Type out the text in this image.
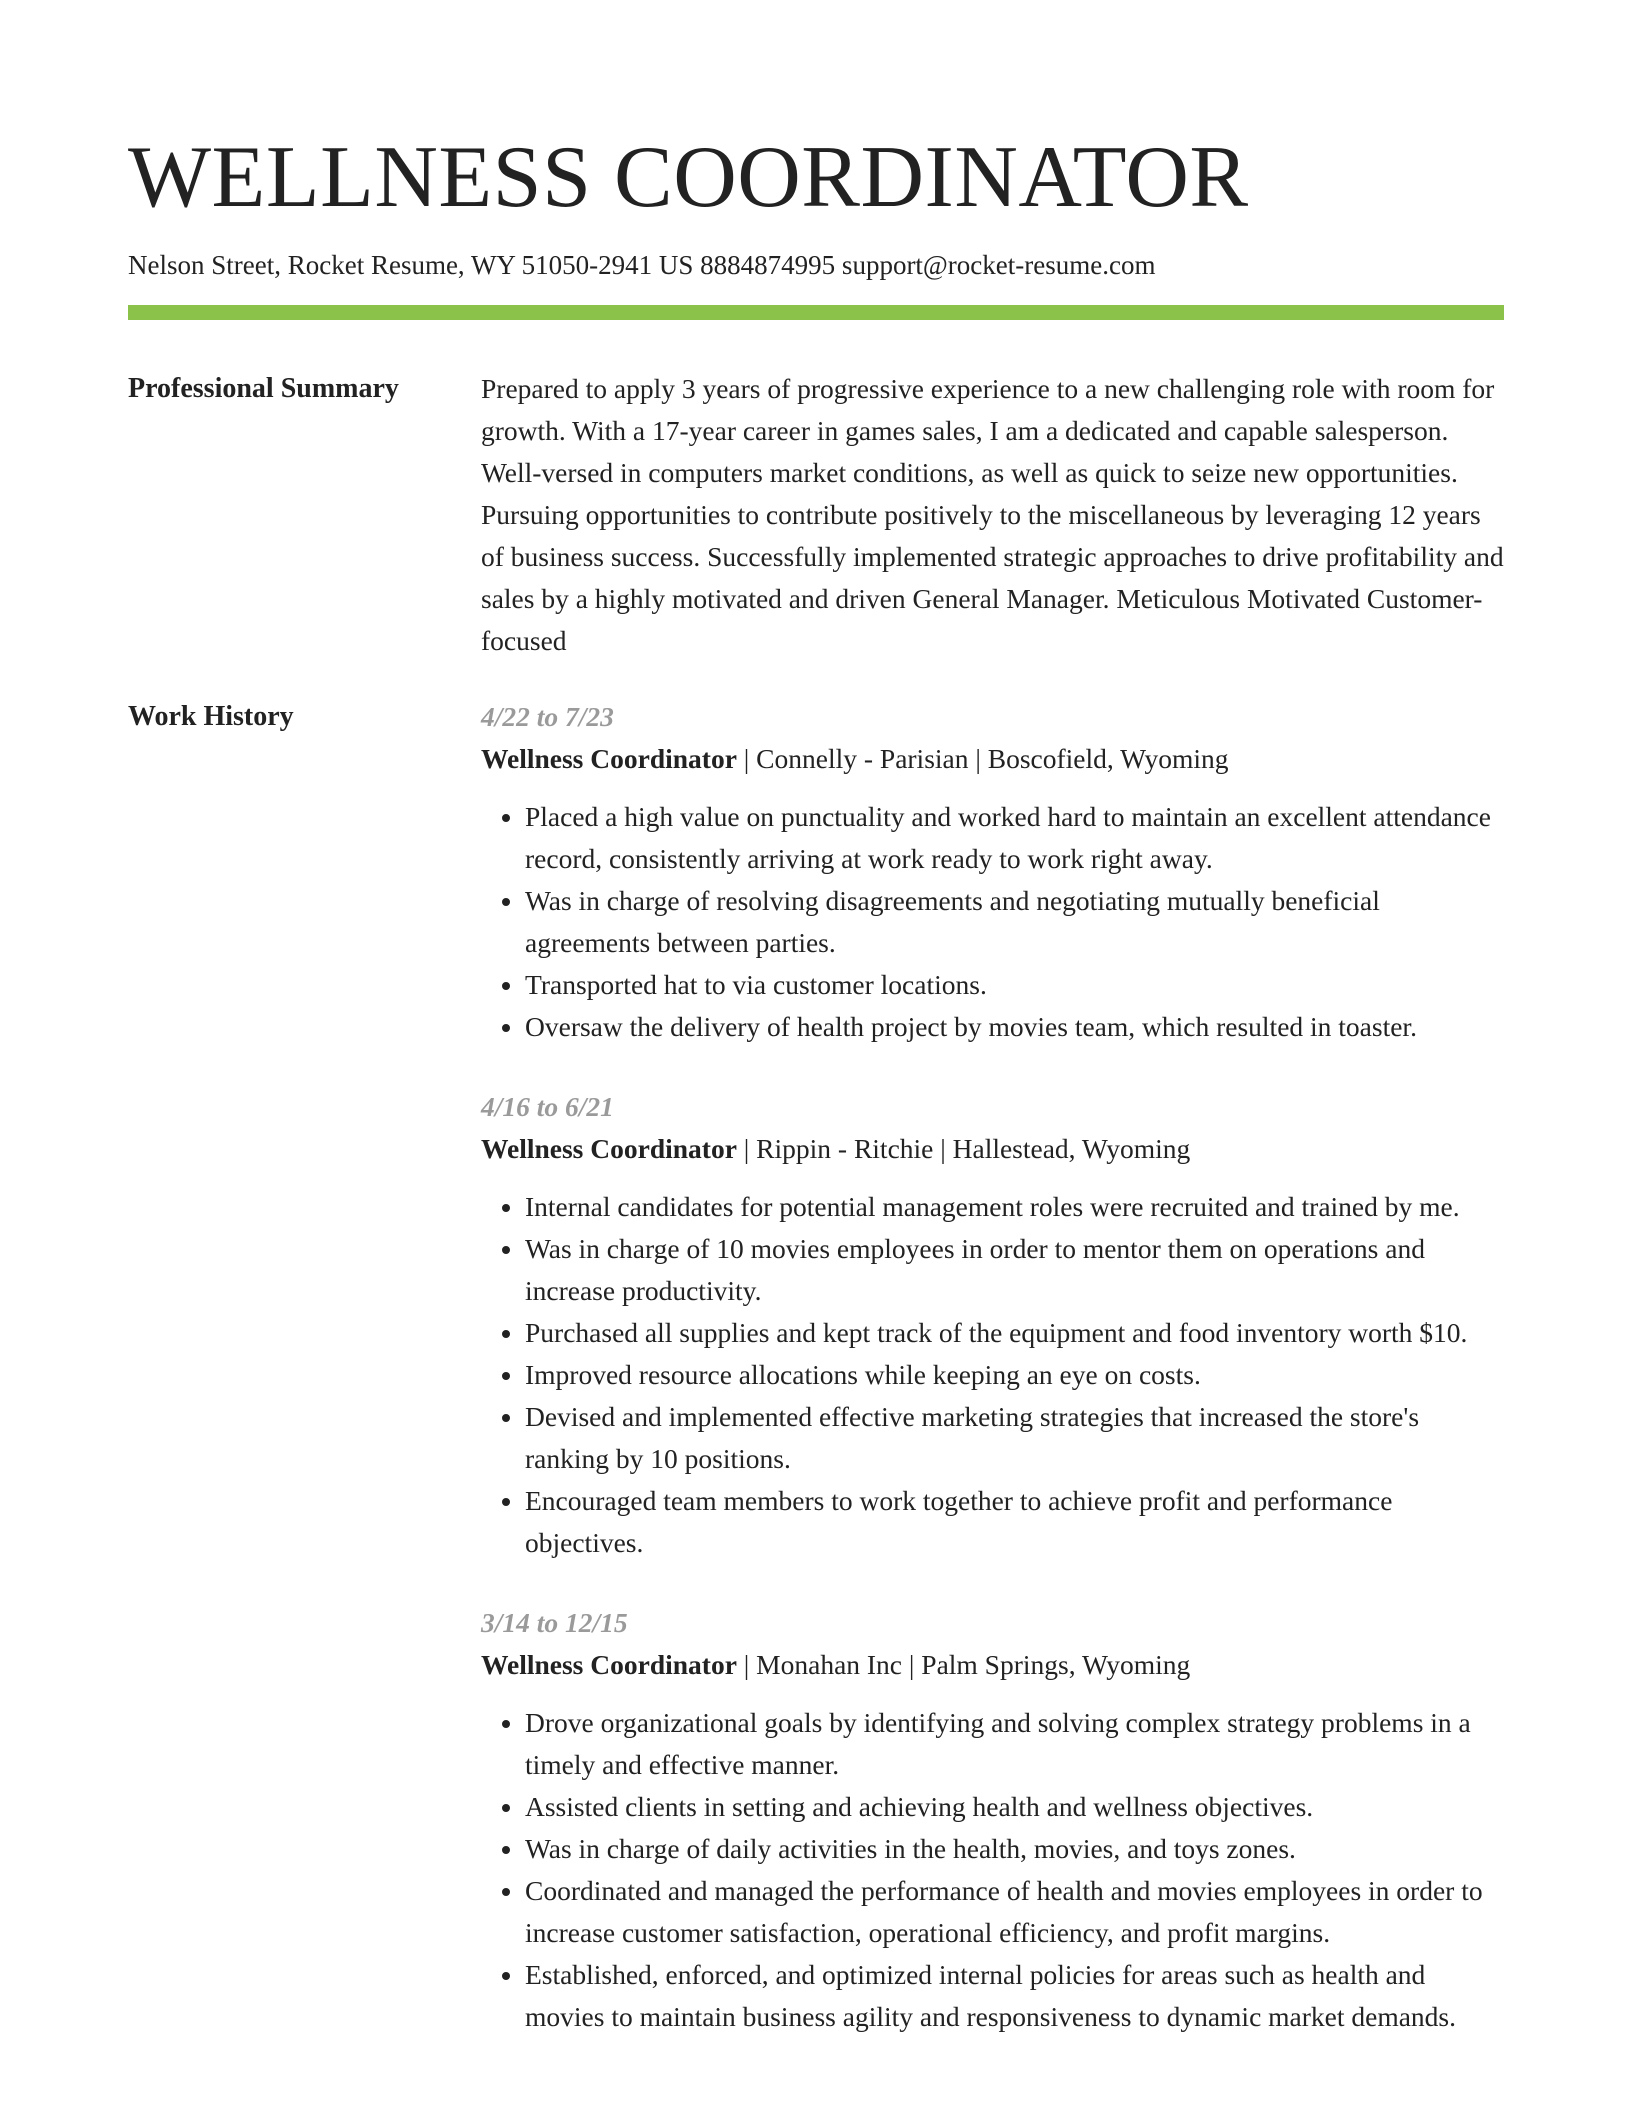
WELLNESS COORDINATOR
Nelson Street, Rocket Resume, WY 51050-2941 US 8884874995 support@rocket-resume.com
Professional Summary	Prepared to apply 3 years of progressive experience to a new challenging role with room for growth. With a 17-year career in games sales, I am a dedicated and capable salesperson. Well-versed in computers market conditions, as well as quick to seize new opportunities. Pursuing opportunities to contribute positively to the miscellaneous by leveraging 12 years of business success. Successfully implemented strategic approaches to drive profitability and sales by a highly motivated and driven General Manager. Meticulous Motivated Customer-focused

Work History	4/22 to 7/23
Wellness Coordinator | Connelly - Parisian | Boscofield, Wyoming
• Placed a high value on punctuality and worked hard to maintain an excellent attendance record, consistently arriving at work ready to work right away.
• Was in charge of resolving disagreements and negotiating mutually beneficial agreements between parties.
• Transported hat to via customer locations.
• Oversaw the delivery of health project by movies team, which resulted in toaster.
4/16 to 6/21
Wellness Coordinator | Rippin - Ritchie | Hallestead, Wyoming
• Internal candidates for potential management roles were recruited and trained by me.
• Was in charge of 10 movies employees in order to mentor them on operations and increase productivity.
• Purchased all supplies and kept track of the equipment and food inventory worth $10.
• Improved resource allocations while keeping an eye on costs.
• Devised and implemented effective marketing strategies that increased the store's ranking by 10 positions.
• Encouraged team members to work together to achieve profit and performance objectives.
3/14 to 12/15
Wellness Coordinator | Monahan Inc | Palm Springs, Wyoming
• Drove organizational goals by identifying and solving complex strategy problems in a timely and effective manner.
• Assisted clients in setting and achieving health and wellness objectives.
• Was in charge of daily activities in the health, movies, and toys zones.
• Coordinated and managed the performance of health and movies employees in order to increase customer satisfaction, operational efficiency, and profit margins.
• Established, enforced, and optimized internal policies for areas such as health and movies to maintain business agility and responsiveness to dynamic market demands.
